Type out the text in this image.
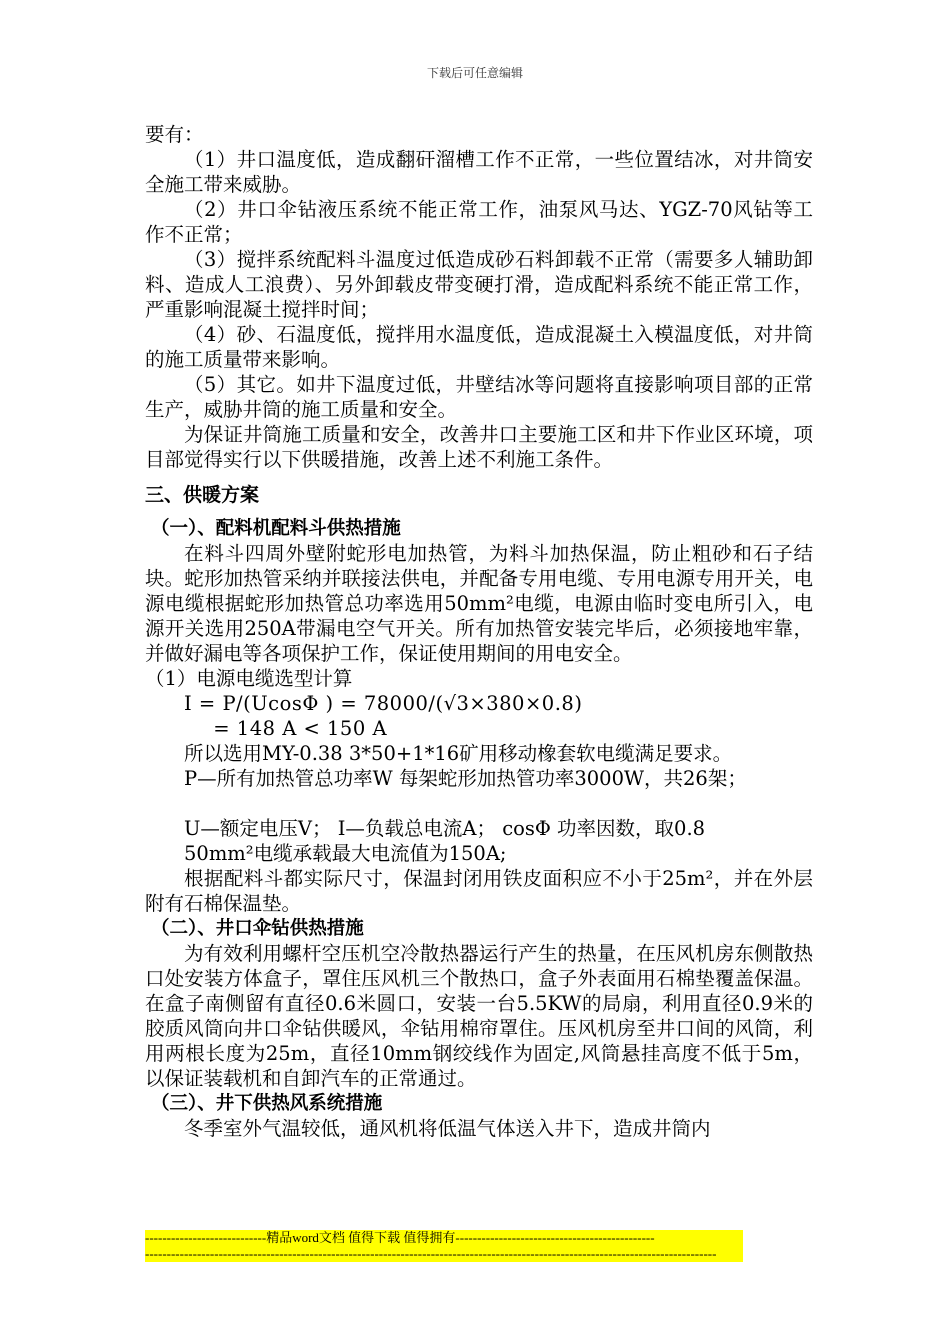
下载后可任意编辑

要有：

（1）井口温度低，造成翻矸溜槽工作不正常，一些位置结冰，对井筒安全施工带来威胁。

（2）井口伞钻液压系统不能正常工作，油泵风马达、YGZ-70风钻等工作不正常；

（3）搅拌系统配料斗温度过低造成砂石料卸载不正常（需要多人辅助卸料、造成人工浪费）、另外卸载皮带变硬打滑，造成配料系统不能正常工作，严重影响混凝土搅拌时间；

（4）砂、石温度低，搅拌用水温度低，造成混凝土入模温度低，对井筒的施工质量带来影响。

（5）其它。如井下温度过低，井壁结冰等问题将直接影响项目部的正常生产，威胁井筒的施工质量和安全。

为保证井筒施工质量和安全，改善井口主要施工区和井下作业区环境，项目部觉得实行以下供暖措施，改善上述不利施工条件。

三、供暖方案

（一）、配料机配料斗供热措施

在料斗四周外壁附蛇形电加热管，为料斗加热保温，防止粗砂和石子结块。蛇形加热管采纳并联接法供电，并配备专用电缆、专用电源专用开关，电源电缆根据蛇形加热管总功率选用50mm²电缆，电源由临时变电所引入，电源开关选用250A带漏电空气开关。所有加热管安装完毕后，必须接地牢靠，并做好漏电等各项保护工作，保证使用期间的用电安全。

（1）电源电缆选型计算

I = P/(UcosΦ ) = 78000/(√3×380×0.8)

= 148 A < 150 A

所以选用MY-0.38 3*50+1*16矿用移动橡套软电缆满足要求。

P—所有加热管总功率W 每架蛇形加热管功率3000W，共26架；

U—额定电压V； I—负载总电流A； cosΦ 功率因数，取0.8

50mm²电缆承载最大电流值为150A;

根据配料斗都实际尺寸，保温封闭用铁皮面积应不小于25m²，并在外层附有石棉保温垫。

（二）、井口伞钻供热措施

为有效利用螺杆空压机空冷散热器运行产生的热量，在压风机房东侧散热口处安装方体盒子，罩住压风机三个散热口，盒子外表面用石棉垫覆盖保温。在盒子南侧留有直径0.6米圆口，安装一台5.5KW的局扇，利用直径0.9米的胶质风筒向井口伞钻供暖风，伞钻用棉帘罩住。压风机房至井口间的风筒，利用两根长度为25m，直径10mm钢绞线作为固定,风筒悬挂高度不低于5m，以保证装载机和自卸汽车的正常通过。

（三）、井下供热风系统措施

冬季室外气温较低，通风机将低温气体送入井下，造成井筒内

----------------------------精品word文档 值得下载 值得拥有----------------------------------------------
------------------------------------------------------------------------------------------------------------------------------------
